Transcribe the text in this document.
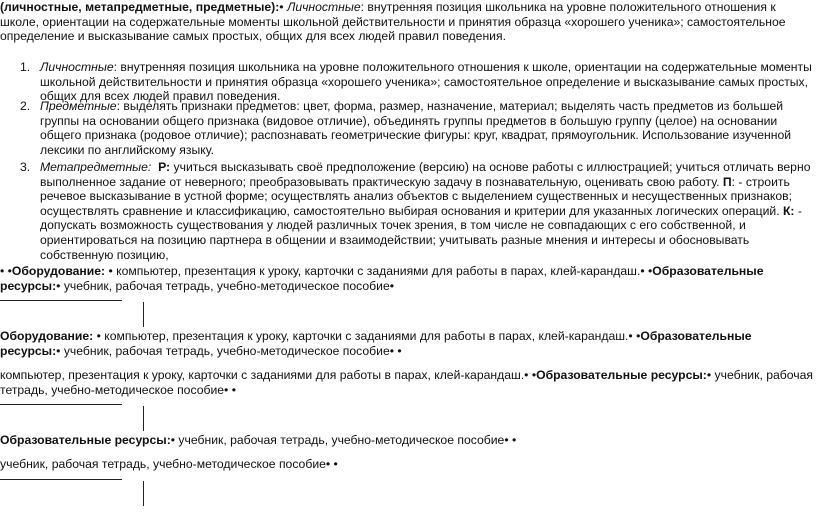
(личностные, метапредметные, предметные):• Личностные: внутренняя позиция школьника на уровне положительного отношения к школе, ориентации на содержательные моменты школьной действительности и принятия образца «хорошего ученика»; самостоятельное определение и высказывание самых простых, общих для всех людей правил поведения.

1. Личностные: внутренняя позиция школьника на уровне положительного отношения к школе, ориентации на содержательные моменты школьной действительности и принятия образца «хорошего ученика»; самостоятельное определение и высказывание самых простых, общих для всех людей правил поведения.
2. Предметные: выделять признаки предметов: цвет, форма, размер, назначение, материал; выделять часть предметов из большей группы на основании общего признака (видовое отличие), объединять группы предметов в большую группу (целое) на основании общего признака (родовое отличие); распознавать геометрические фигуры: круг, квадрат, прямоугольник. Использование изученной лексики по английскому языку.
3. Метапредметные: Р: учиться высказывать своё предположение (версию) на основе работы с иллюстрацией; учиться отличать верно выполненное задание от неверного; преобразовывать практическую задачу в познавательную, оценивать свою работу. П: - строить речевое высказывание в устной форме; осуществлять анализ объектов с выделением существенных и несущественных признаков; осуществлять сравнение и классификацию, самостоятельно выбирая основания и критерии для указанных логических операций. К: - допускать возможность существования у людей различных точек зрения, в том числе не совпадающих с его собственной, и ориентироваться на позицию партнера в общении и взаимодействии; учитывать разные мнения и интересы и обосновывать собственную позицию,

• •Оборудование: • компьютер, презентация к уроку, карточки с заданиями для работы в парах, клей-карандаш.• •Образовательные ресурсы:• учебник, рабочая тетрадь, учебно-методическое пособие•

Оборудование: • компьютер, презентация к уроку, карточки с заданиями для работы в парах, клей-карандаш.• •Образовательные ресурсы:• учебник, рабочая тетрадь, учебно-методическое пособие• •

компьютер, презентация к уроку, карточки с заданиями для работы в парах, клей-карандаш.• •Образовательные ресурсы:• учебник, рабочая тетрадь, учебно-методическое пособие• •

Образовательные ресурсы:• учебник, рабочая тетрадь, учебно-методическое пособие• •

учебник, рабочая тетрадь, учебно-методическое пособие• •
